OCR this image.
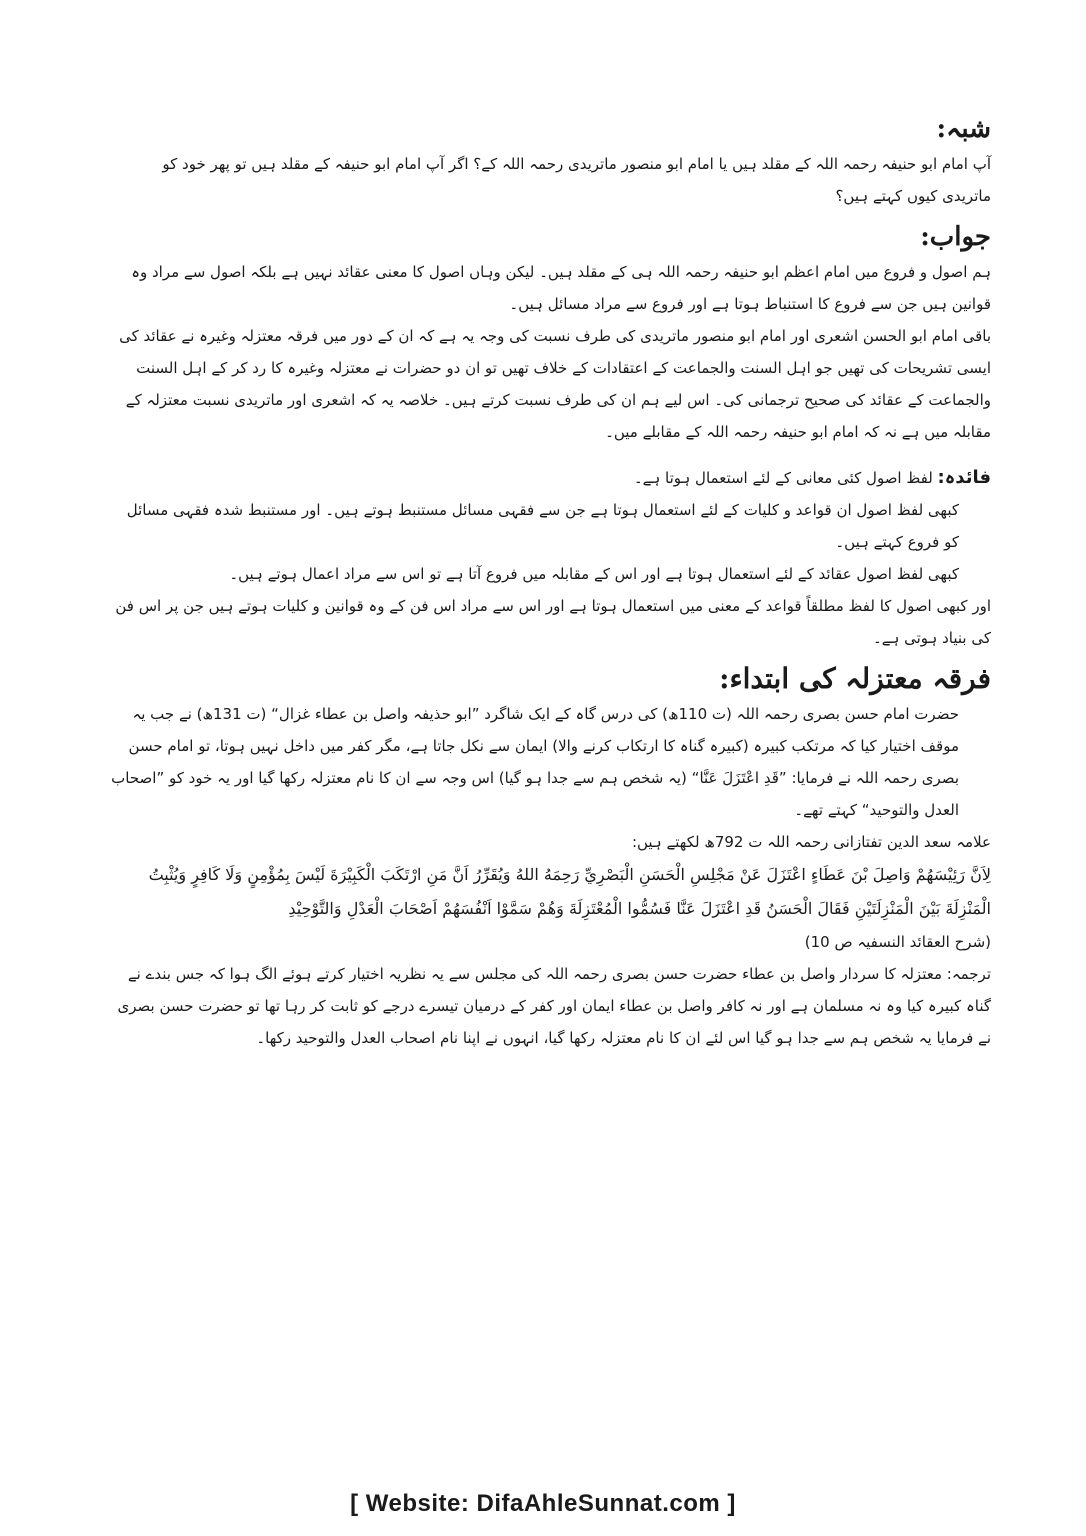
شبہ:

آپ امام ابو حنیفہ رحمہ اللہ کے مقلد ہیں یا امام ابو منصور ماتریدی رحمہ اللہ کے؟ اگر آپ امام ابو حنیفہ کے مقلد ہیں تو پھر خود کو ماتریدی کیوں کہتے ہیں؟

جواب:

ہم اصول و فروع میں امام اعظم ابو حنیفہ رحمہ اللہ ہی کے مقلد ہیں۔ لیکن وہاں اصول کا معنی عقائد نہیں ہے بلکہ اصول سے مراد وہ قوانین ہیں جن سے فروع کا استنباط ہوتا ہے اور فروع سے مراد مسائل ہیں۔

باقی امام ابو الحسن اشعری اور امام ابو منصور ماتریدی کی طرف نسبت کی وجہ یہ ہے کہ ان کے دور میں فرقہ معتزلہ وغیرہ نے عقائد کی ایسی تشریحات کی تھیں جو اہل السنت والجماعت کے اعتقادات کے خلاف تھیں تو ان دو حضرات نے معتزلہ وغیرہ کا رد کر کے اہل السنت والجماعت کے عقائد کی صحیح ترجمانی کی۔ اس لیے ہم ان کی طرف نسبت کرتے ہیں۔ خلاصہ یہ کہ اشعری اور ماتریدی نسبت معتزلہ کے مقابلہ میں ہے نہ کہ امام ابو حنیفہ رحمہ اللہ کے مقابلے میں۔

فائدہ: لفظ اصول کئی معانی کے لئے استعمال ہوتا ہے۔

کبھی لفظ اصول ان قواعد و کلیات کے لئے استعمال ہوتا ہے جن سے فقہی مسائل مستنبط ہوتے ہیں۔ اور مستنبط شدہ فقہی مسائل کو فروع کہتے ہیں۔

کبھی لفظ اصول عقائد کے لئے استعمال ہوتا ہے اور اس کے مقابلہ میں فروع آتا ہے تو اس سے مراد اعمال ہوتے ہیں۔

اور کبھی اصول کا لفظ مطلقاً قواعد کے معنی میں استعمال ہوتا ہے اور اس سے مراد اس فن کے وہ قوانین و کلیات ہوتے ہیں جن پر اس فن کی بنیاد ہوتی ہے۔

فرقہ معتزلہ کی ابتداء:

حضرت امام حسن بصری رحمہ اللہ (ت 110ھ) کی درس گاہ کے ایک شاگرد ”ابو حذیفہ واصل بن عطاء غزال“ (ت 131ھ) نے جب یہ موقف اختیار کیا کہ مرتکب کبیرہ (کبیرہ گناہ کا ارتکاب کرنے والا) ایمان سے نکل جاتا ہے، مگر کفر میں داخل نہیں ہوتا، تو امام حسن بصری رحمہ اللہ نے فرمایا: ”قَدِ اعْتَزَلَ عَنَّا“ (یہ شخص ہم سے جدا ہو گیا) اس وجہ سے ان کا نام معتزلہ رکھا گیا اور یہ خود کو ”اصحاب العدل والتوحید“ کہتے تھے۔

علامہ سعد الدین تفتازانی رحمہ اللہ ت 792ھ لکھتے ہیں:

لِاَنَّ رَئِيْسَهُمْ وَاصِلَ بْنَ عَطَاءٍ اعْتَزَلَ عَنْ مَجْلِسِ الْحَسَنِ الْبَصْرِيِّ رَحِمَهُ اللهُ وَيُقَرِّرُ اَنَّ مَنِ ارْتَكَبَ الْكَبِيْرَةَ لَيْسَ بِمُؤْمِنٍ وَلَا كَافِرٍ وَيُثْبِتُ

الْمَنْزِلَةَ بَيْنَ الْمَنْزِلَتَيْنِ فَقَالَ الْحَسَنُ قَدِ اعْتَزَلَ عَنَّا فَسُمُّوا الْمُعْتَزِلَةَ وَهُمْ سَمَّوْا اَنْفُسَهُمْ اَصْحَابَ الْعَدْلِ وَالتَّوْحِيْدِ

(شرح العقائد النسفیہ ص 10)

ترجمہ: معتزلہ کا سردار واصل بن عطاء حضرت حسن بصری رحمہ اللہ کی مجلس سے یہ نظریہ اختیار کرتے ہوئے الگ ہوا کہ جس بندے نے گناہ کبیرہ کیا وہ نہ مسلمان ہے اور نہ کافر واصل بن عطاء ایمان اور کفر کے درمیان تیسرے درجے کو ثابت کر رہا تھا تو حضرت حسن بصری نے فرمایا یہ شخص ہم سے جدا ہو گیا اس لئے ان کا نام معتزلہ رکھا گیا، انہوں نے اپنا نام اصحاب العدل والتوحید رکھا۔

[ Website: DifaAhleSunnat.com ]
